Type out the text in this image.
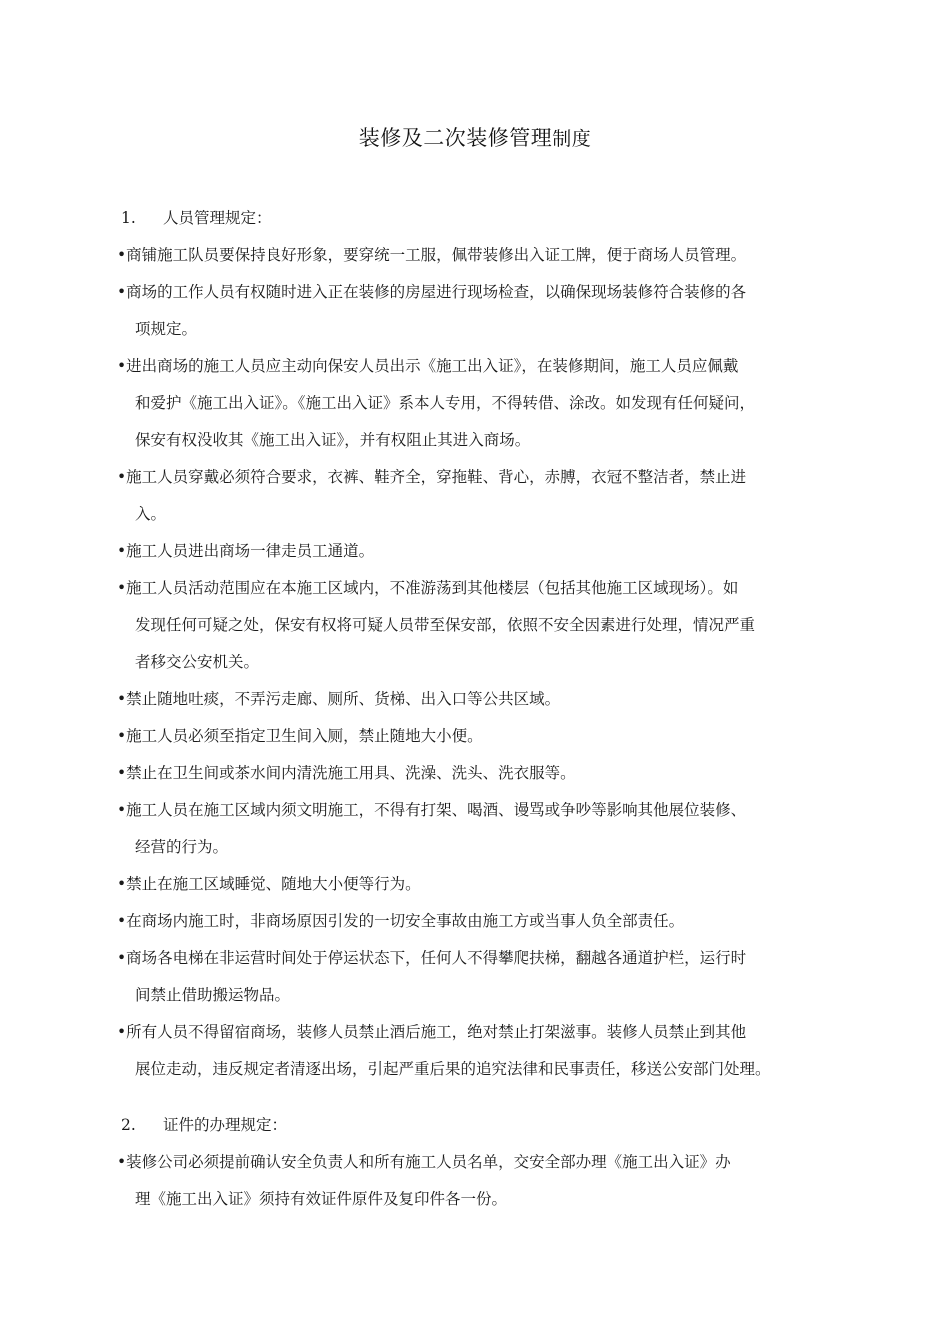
装修及二次装修管理制度
1.	人员管理规定：
•商铺施工队员要保持良好形象，要穿统一工服，佩带装修出入证工牌，便于商场人员管理。
•商场的工作人员有权随时进入正在装修的房屋进行现场检查，以确保现场装修符合装修的各
项规定。
•进出商场的施工人员应主动向保安人员出示《施工出入证》，在装修期间，施工人员应佩戴
和爱护《施工出入证》。《施工出入证》系本人专用，不得转借、涂改。如发现有任何疑问，
保安有权没收其《施工出入证》，并有权阻止其进入商场。
•施工人员穿戴必须符合要求，衣裤、鞋齐全，穿拖鞋、背心，赤膊，衣冠不整洁者，禁止进
入。
•施工人员进出商场一律走员工通道。
•施工人员活动范围应在本施工区域内，不准游荡到其他楼层（包括其他施工区域现场）。如
发现任何可疑之处，保安有权将可疑人员带至保安部，依照不安全因素进行处理，情况严重
者移交公安机关。
•禁止随地吐痰，不弄污走廊、厕所、货梯、出入口等公共区域。
•施工人员必须至指定卫生间入厕，禁止随地大小便。
•禁止在卫生间或茶水间内清洗施工用具、洗澡、洗头、洗衣服等。
•施工人员在施工区域内须文明施工，不得有打架、喝酒、谩骂或争吵等影响其他展位装修、
经营的行为。
•禁止在施工区域睡觉、随地大小便等行为。
•在商场内施工时，非商场原因引发的一切安全事故由施工方或当事人负全部责任。
•商场各电梯在非运营时间处于停运状态下，任何人不得攀爬扶梯，翻越各通道护栏，运行时
间禁止借助搬运物品。
•所有人员不得留宿商场，装修人员禁止酒后施工，绝对禁止打架滋事。装修人员禁止到其他
展位走动，违反规定者清逐出场，引起严重后果的追究法律和民事责任，移送公安部门处理。
2.	证件的办理规定：
•装修公司必须提前确认安全负责人和所有施工人员名单，交安全部办理《施工出入证》办
理《施工出入证》须持有效证件原件及复印件各一份。
